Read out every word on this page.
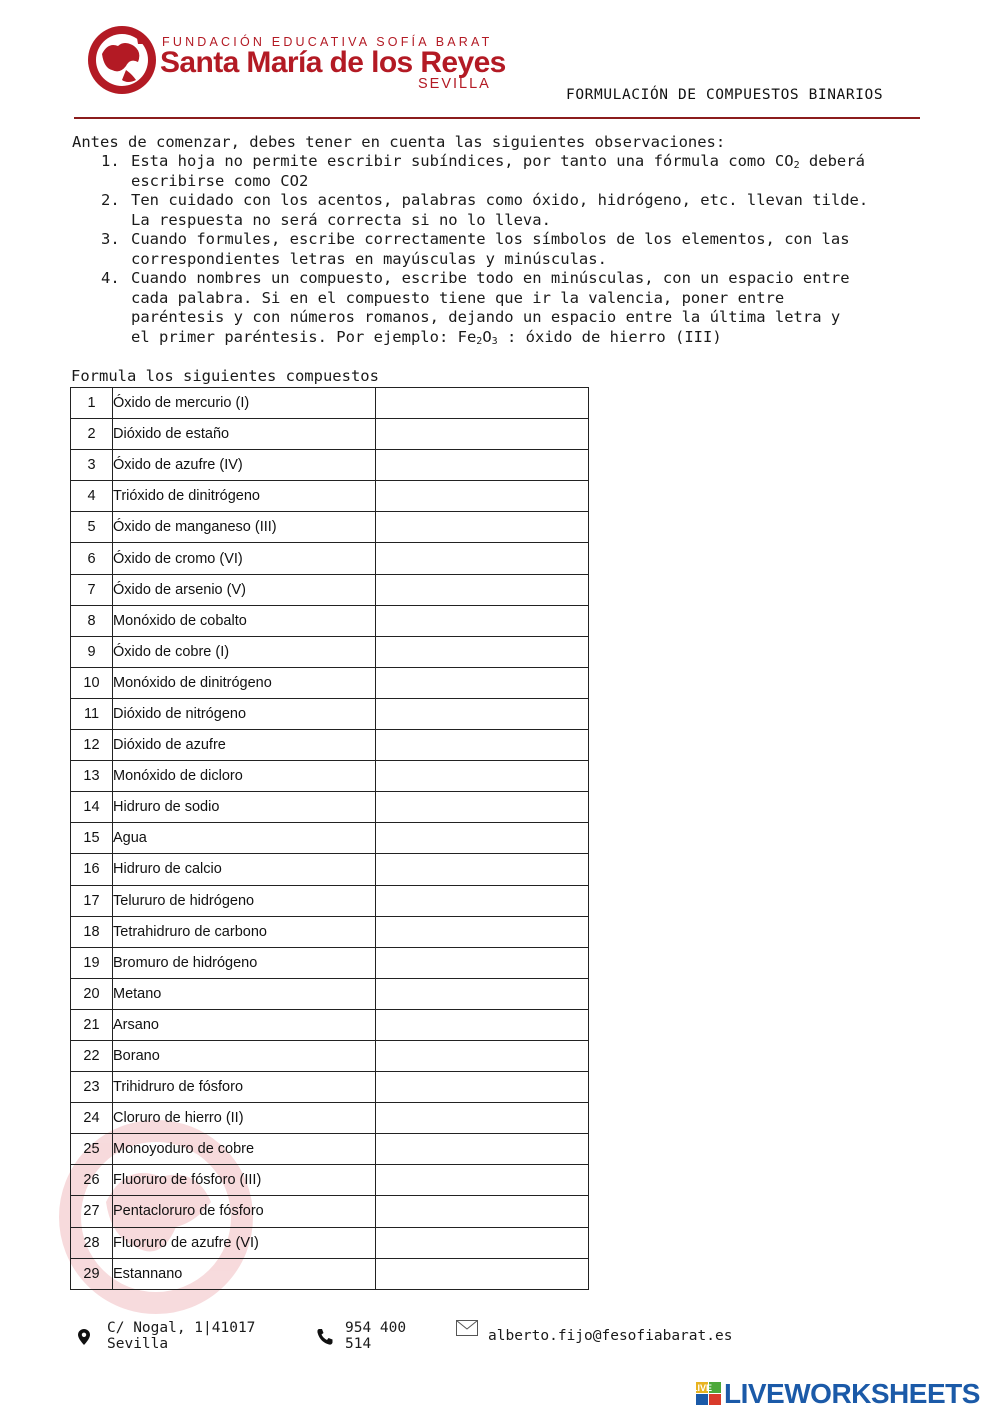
FUNDACIÓN EDUCATIVA SOFÍA BARAT
Santa María de los Reyes
SEVILLA
FORMULACIÓN DE COMPUESTOS BINARIOS
Antes de comenzar, debes tener en cuenta las siguientes observaciones:
1. Esta hoja no permite escribir subíndices, por tanto una fórmula como $CO_2$ deberá
escribirse como CO2
2. Ten cuidado con los acentos, palabras como óxido, hidrógeno, etc. llevan tilde.
La respuesta no será correcta si no lo lleva.
3. Cuando formules, escribe correctamente los símbolos de los elementos, con las
correspondientes letras en mayúsculas y minúsculas.
4. Cuando nombres un compuesto, escribe todo en minúsculas, con un espacio entre
cada palabra. Si en el compuesto tiene que ir la valencia, poner entre
paréntesis y con números romanos, dejando un espacio entre la última letra y
el primer paréntesis. Por ejemplo: $Fe_2O_3$ : óxido de hierro (III)
Formula los siguientes compuestos
1	Óxido de mercurio (I)	
2	Dióxido de estaño	
3	Óxido de azufre (IV)	
4	Trióxido de dinitrógeno	
5	Óxido de manganeso (III)	
6	Óxido de cromo (VI)	
7	Óxido de arsenio (V)	
8	Monóxido de cobalto	
9	Óxido de cobre (I)	
10	Monóxido de dinitrógeno	
11	Dióxido de nitrógeno	
12	Dióxido de azufre	
13	Monóxido de dicloro	
14	Hidruro de sodio	
15	Agua	
16	Hidruro de calcio	
17	Telururo de hidrógeno	
18	Tetrahidruro de carbono	
19	Bromuro de hidrógeno	
20	Metano	
21	Arsano	
22	Borano	
23	Trihidruro de fósforo	
24	Cloruro de hierro (II)	
25	Monoyoduro de cobre	
26	Fluoruro de fósforo (III)	
27	Pentacloruro de fósforo	
28	Fluoruro de azufre (VI)	
29	Estannano	
C/ Nogal, 1|41017
Sevilla
954 400
514	alberto.fijo@fesofiabarat.es
LIVE LIVEWORKSHEETS
